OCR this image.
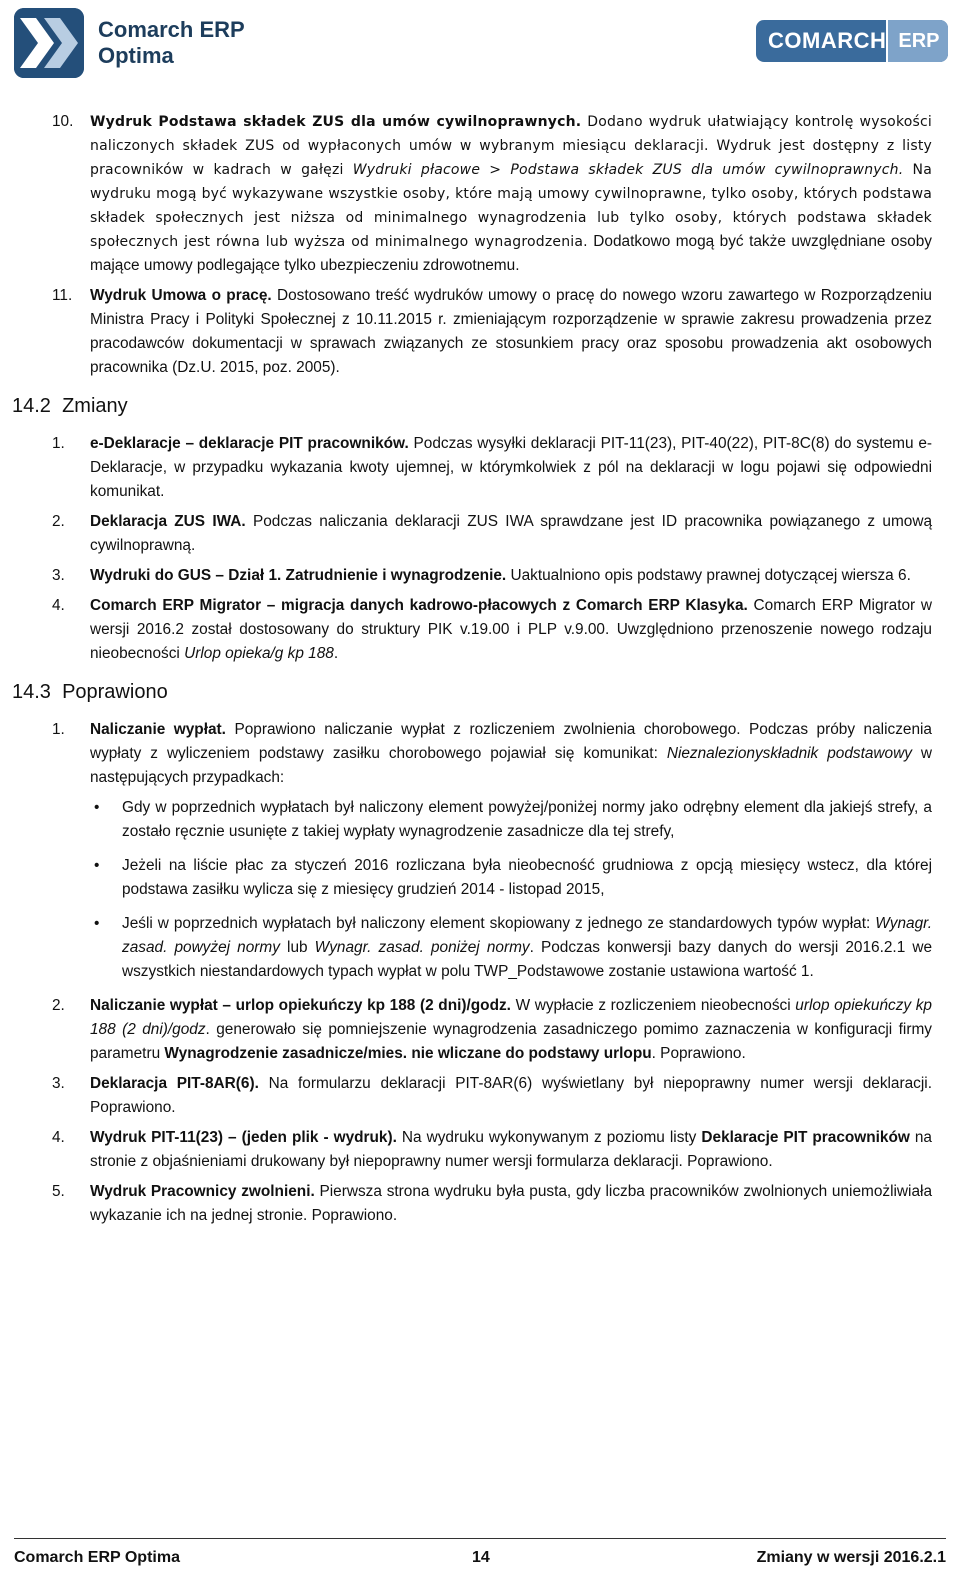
Comarch ERP
Optima
COMARCH ERP
10. Wydruk Podstawa składek ZUS dla umów cywilnoprawnych. Dodano wydruk ułatwiający kontrolę wysokości naliczonych składek ZUS od wypłaconych umów w wybranym miesiącu deklaracji. Wydruk jest dostępny z listy pracowników w kadrach w gałęzi Wydruki płacowe > Podstawa składek ZUS dla umów cywilnoprawnych. Na wydruku mogą być wykazywane wszystkie osoby, które mają umowy cywilnoprawne, tylko osoby, których podstawa składek społecznych jest niższa od minimalnego wynagrodzenia lub tylko osoby, których podstawa składek społecznych jest równa lub wyższa od minimalnego wynagrodzenia. Dodatkowo mogą być także uwzględniane osoby mające umowy podlegające tylko ubezpieczeniu zdrowotnemu.

11. Wydruk Umowa o pracę. Dostosowano treść wydruków umowy o pracę do nowego wzoru zawartego w Rozporządzeniu Ministra Pracy i Polityki Społecznej z 10.11.2015 r. zmieniającym rozporządzenie w sprawie zakresu prowadzenia przez pracodawców dokumentacji w sprawach związanych ze stosunkiem pracy oraz sposobu prowadzenia akt osobowych pracownika (Dz.U. 2015, poz. 2005).

14.2 Zmiany
1. e-Deklaracje – deklaracje PIT pracowników. Podczas wysyłki deklaracji PIT-11(23), PIT-40(22), PIT-8C(8) do systemu e-Deklaracje, w przypadku wykazania kwoty ujemnej, w którymkolwiek z pól na deklaracji w logu pojawi się odpowiedni komunikat.

2. Deklaracja ZUS IWA. Podczas naliczania deklaracji ZUS IWA sprawdzane jest ID pracownika powiązanego z umową cywilnoprawną.

3. Wydruki do GUS – Dział 1. Zatrudnienie i wynagrodzenie. Uaktualniono opis podstawy prawnej dotyczącej wiersza 6.

4. Comarch ERP Migrator – migracja danych kadrowo-płacowych z Comarch ERP Klasyka. Comarch ERP Migrator w wersji 2016.2 został dostosowany do struktury PIK v.19.00 i PLP v.9.00. Uwzględniono przenoszenie nowego rodzaju nieobecności Urlop opieka/g kp 188.

14.3 Poprawiono
1. Naliczanie wypłat. Poprawiono naliczanie wypłat z rozliczeniem zwolnienia chorobowego. Podczas próby naliczenia wypłaty z wyliczeniem podstawy zasiłku chorobowego pojawiał się komunikat: Nieznalezionyskładnik podstawowy w następujących przypadkach:

• Gdy w poprzednich wypłatach był naliczony element powyżej/poniżej normy jako odrębny element dla jakiejś strefy, a zostało ręcznie usunięte z takiej wypłaty wynagrodzenie zasadnicze dla tej strefy,
• Jeżeli na liście płac za styczeń 2016 rozliczana była nieobecność grudniowa z opcją miesięcy wstecz, dla której podstawa zasiłku wylicza się z miesięcy grudzień 2014 - listopad 2015,
• Jeśli w poprzednich wypłatach był naliczony element skopiowany z jednego ze standardowych typów wypłat: Wynagr. zasad. powyżej normy lub Wynagr. zasad. poniżej normy. Podczas konwersji bazy danych do wersji 2016.2.1 we wszystkich niestandardowych typach wypłat w polu TWP_Podstawowe zostanie ustawiona wartość 1.
2. Naliczanie wypłat – urlop opiekuńczy kp 188 (2 dni)/godz. W wypłacie z rozliczeniem nieobecności urlop opiekuńczy kp 188 (2 dni)/godz. generowało się pomniejszenie wynagrodzenia zasadniczego pomimo zaznaczenia w konfiguracji firmy parametru Wynagrodzenie zasadnicze/mies. nie wliczane do podstawy urlopu. Poprawiono.

3. Deklaracja PIT-8AR(6). Na formularzu deklaracji PIT-8AR(6) wyświetlany był niepoprawny numer wersji deklaracji. Poprawiono.

4. Wydruk PIT-11(23) – (jeden plik - wydruk). Na wydruku wykonywanym z poziomu listy Deklaracje PIT pracowników na stronie z objaśnieniami drukowany był niepoprawny numer wersji formularza deklaracji. Poprawiono.

5. Wydruk Pracownicy zwolnieni. Pierwsza strona wydruku była pusta, gdy liczba pracowników zwolnionych uniemożliwiała wykazanie ich na jednej stronie. Poprawiono.

Comarch ERP Optima	14	Zmiany w wersji 2016.2.1
